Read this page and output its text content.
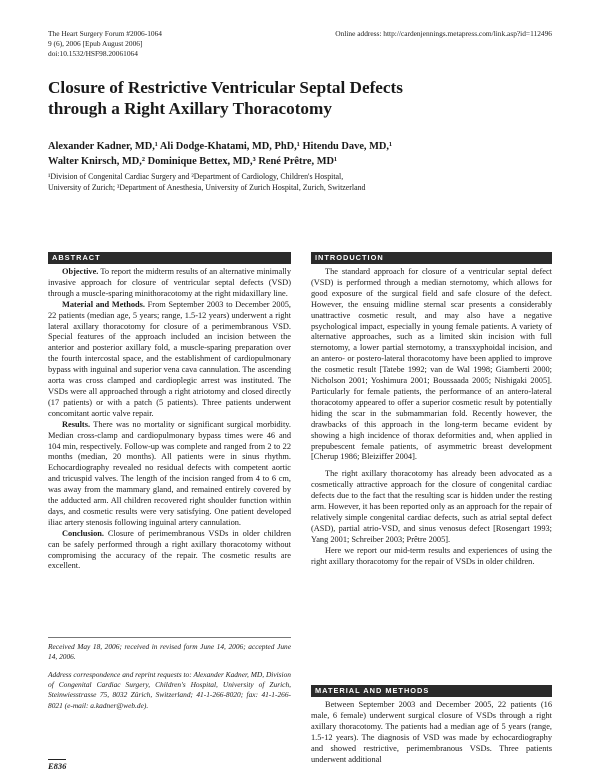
The Heart Surgery Forum #2006-1064
9 (6), 2006 [Epub August 2006]
doi:10.1532/HSF98.20061064
Online address: http://cardenjennings.metapress.com/link.asp?id=112496
Closure of Restrictive Ventricular Septal Defects
through a Right Axillary Thoracotomy
Alexander Kadner, MD,¹ Ali Dodge-Khatami, MD, PhD,¹ Hitendu Dave, MD,¹
Walter Knirsch, MD,² Dominique Bettex, MD,³ René Prêtre, MD¹
¹Division of Congenital Cardiac Surgery and ²Department of Cardiology, Children's Hospital,
University of Zurich; ³Department of Anesthesia, University of Zurich Hospital, Zurich, Switzerland
ABSTRACT

Objective. To report the midterm results of an alternative minimally invasive approach for closure of ventricular septal defects (VSD) through a muscle-sparing minithoracotomy at the right midaxillary line.

Material and Methods. From September 2003 to December 2005, 22 patients (median age, 5 years; range, 1.5-12 years) underwent a right lateral axillary thoracotomy for closure of a perimembranous VSD. Special features of the approach included an incision between the anterior and posterior axillary fold, a muscle-sparing preparation over the fourth intercostal space, and the establishment of cardiopulmonary bypass with inguinal and superior vena cava cannulation. The ascending aorta was cross clamped and cardioplegic arrest was instituted. The VSDs were all approached through a right atriotomy and closed directly (17 patients) or with a patch (5 patients). Three patients underwent concomitant aortic valve repair.

Results. There was no mortality or significant surgical morbidity. Median cross-clamp and cardiopulmonary bypass times were 46 and 104 min, respectively. Follow-up was complete and ranged from 2 to 22 months (median, 20 months). All patients were in sinus rhythm. Echocardiography revealed no residual defects with competent aortic and tricuspid valves. The length of the incision ranged from 4 to 6 cm, was away from the mammary gland, and remained entirely covered by the adducted arm. All children recovered right shoulder function within days, and cosmetic results were very satisfying. One patient developed iliac artery stenosis following inguinal artery cannulation.

Conclusion. Closure of perimembranous VSDs in older children can be safely performed through a right axillary thoracotomy without compromising the accuracy of the repair. The cosmetic results are excellent.

Received May 18, 2006; received in revised form June 14, 2006; accepted June 14, 2006.
Address correspondence and reprint requests to: Alexander Kadner, MD, Division of Congenital Cardiac Surgery, Children's Hospital, University of Zurich, Steinwiesstrasse 75, 8032 Zürich, Switzerland; 41-1-266-8020; fax: 41-1-266-8021 (e-mail: a.kadner@web.de).
E836
INTRODUCTION

The standard approach for closure of a ventricular septal defect (VSD) is performed through a median sternotomy, which allows for good exposure of the surgical field and safe closure of the defect. However, the ensuing midline sternal scar presents a considerably unattractive cosmetic result, and may also have a negative psychological impact, especially in young female patients. A variety of alternative approaches, such as a limited skin incision with full sternotomy, a lower partial sternotomy, a transxyphoidal incision, and an antero- or postero-lateral thoracotomy have been applied to improve the cosmetic result [Tatebe 1992; van de Wal 1998; Giamberti 2000; Nicholson 2001; Yoshimura 2001; Boussaada 2005; Nishigaki 2005]. Particularly for female patients, the performance of an antero-lateral thoracotomy appeared to offer a superior cosmetic result by potentially hiding the scar in the submammarian fold. Recently however, the drawbacks of this approach in the long-term became evident by showing a high incidence of thorax deformities and, when applied in prepubescent female patients, of asymmetric breast development [Cherup 1986; Bleiziffer 2004].

The right axillary thoracotomy has already been advocated as a cosmetically attractive approach for the closure of congenital cardiac defects due to the fact that the resulting scar is hidden under the resting arm. However, it has been reported only as an approach for the repair of relatively simple congenital cardiac defects, such as atrial septal defect (ASD), partial atrio-VSD, and sinus venosus defect [Rosengart 1993; Yang 2001; Schreiber 2003; Prêtre 2005].

Here we report our mid-term results and experiences of using the right axillary thoracotomy for the repair of VSDs in older children.

MATERIAL AND METHODS

Between September 2003 and December 2005, 22 patients (16 male, 6 female) underwent surgical closure of VSDs through a right axillary thoracotomy. The patients had a median age of 5 years (range, 1.5-12 years). The diagnosis of VSD was made by echocardiography and showed restrictive, perimembranous VSDs. Three patients underwent additional
